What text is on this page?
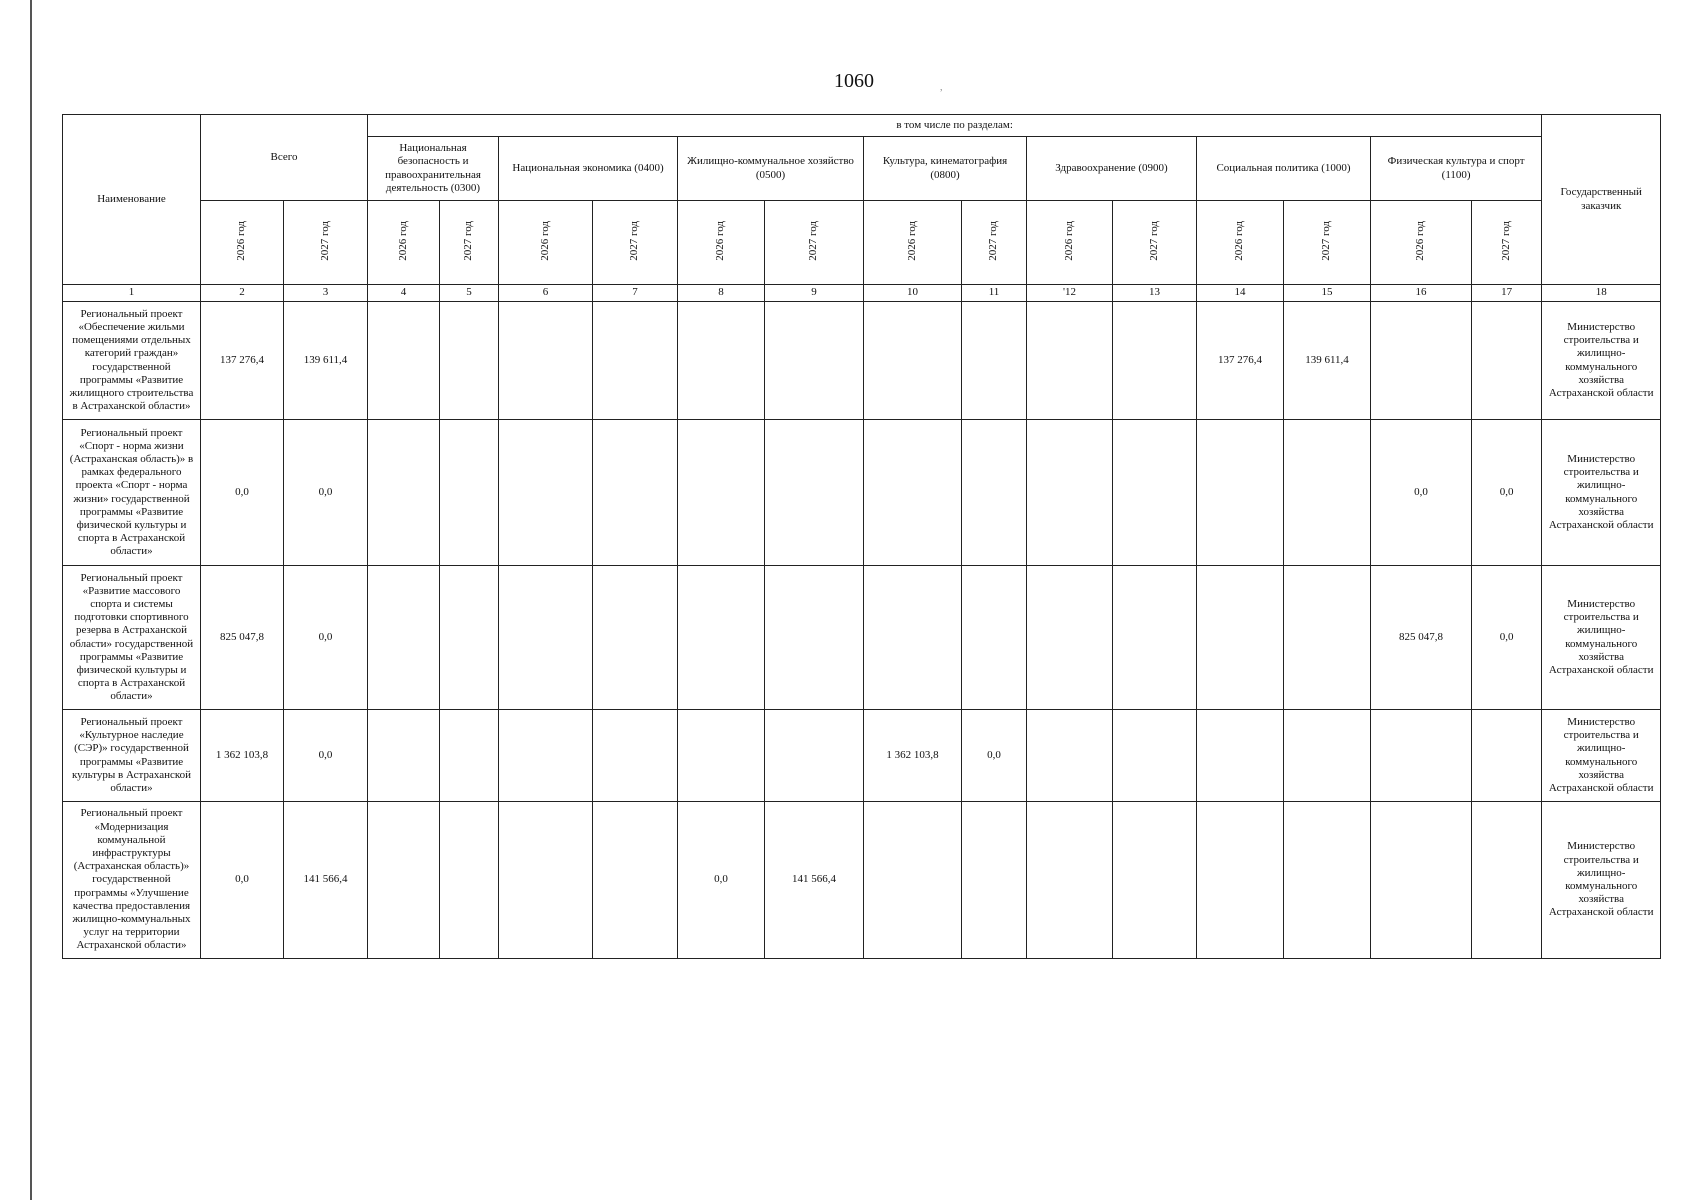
1060	,
Наименование	Всего		в том числе по разделам:														Государственный заказчик
			Национальная безопасность и правоохранительная деятельность (0300)		Национальная экономика (0400)		Жилищно-коммунальное хозяйство (0500)		Культура, кинематография (0800)		Здравоохранение (0900)		Социальная политика (1000)		Физическая культура и спорт (1100)		
	2026 год	2027 год	2026 год	2027 год	2026 год	2027 год	2026 год	2027 год	2026 год	2027 год	2026 год	2027 год	2026 год	2027 год	2026 год	2027 год	
1	2	3	4	5	6	7	8	9	10	11	'12	13	14	15	16	17	18
Региональный проект «Обеспечение жильми помещениями отдельных категорий граждан» государственной программы «Развитие жилищного строительства в Астраханской области»	137 276,4	139 611,4											137 276,4	139 611,4			Министерство строительства и жилищно-коммунального хозяйства Астраханской области
Региональный проект «Спорт - норма жизни (Астраханская область)» в рамках федерального проекта «Спорт - норма жизни» государственной программы «Развитие физической культуры и спорта в Астраханской области»	0,0	0,0													0,0	0,0	Министерство строительства и жилищно-коммунального хозяйства Астраханской области
Региональный проект «Развитие массового спорта и системы подготовки спортивного резерва в Астраханской области» государственной программы «Развитие физической культуры и спорта в Астраханской области»	825 047,8	0,0													825 047,8	0,0	Министерство строительства и жилищно-коммунального хозяйства Астраханской области
Региональный проект «Культурное наследие (СЭР)» государственной программы «Развитие культуры в Астраханской области»	1 362 103,8	0,0							1 362 103,8	0,0							Министерство строительства и жилищно-коммунального хозяйства Астраханской области
Региональный проект «Модернизация коммунальной инфраструктуры (Астраханская область)» государственной программы «Улучшение качества предоставления жилищно-коммунальных услуг на территории Астраханской области»	0,0	141 566,4					0,0	141 566,4									Министерство строительства и жилищно-коммунального хозяйства Астраханской области
